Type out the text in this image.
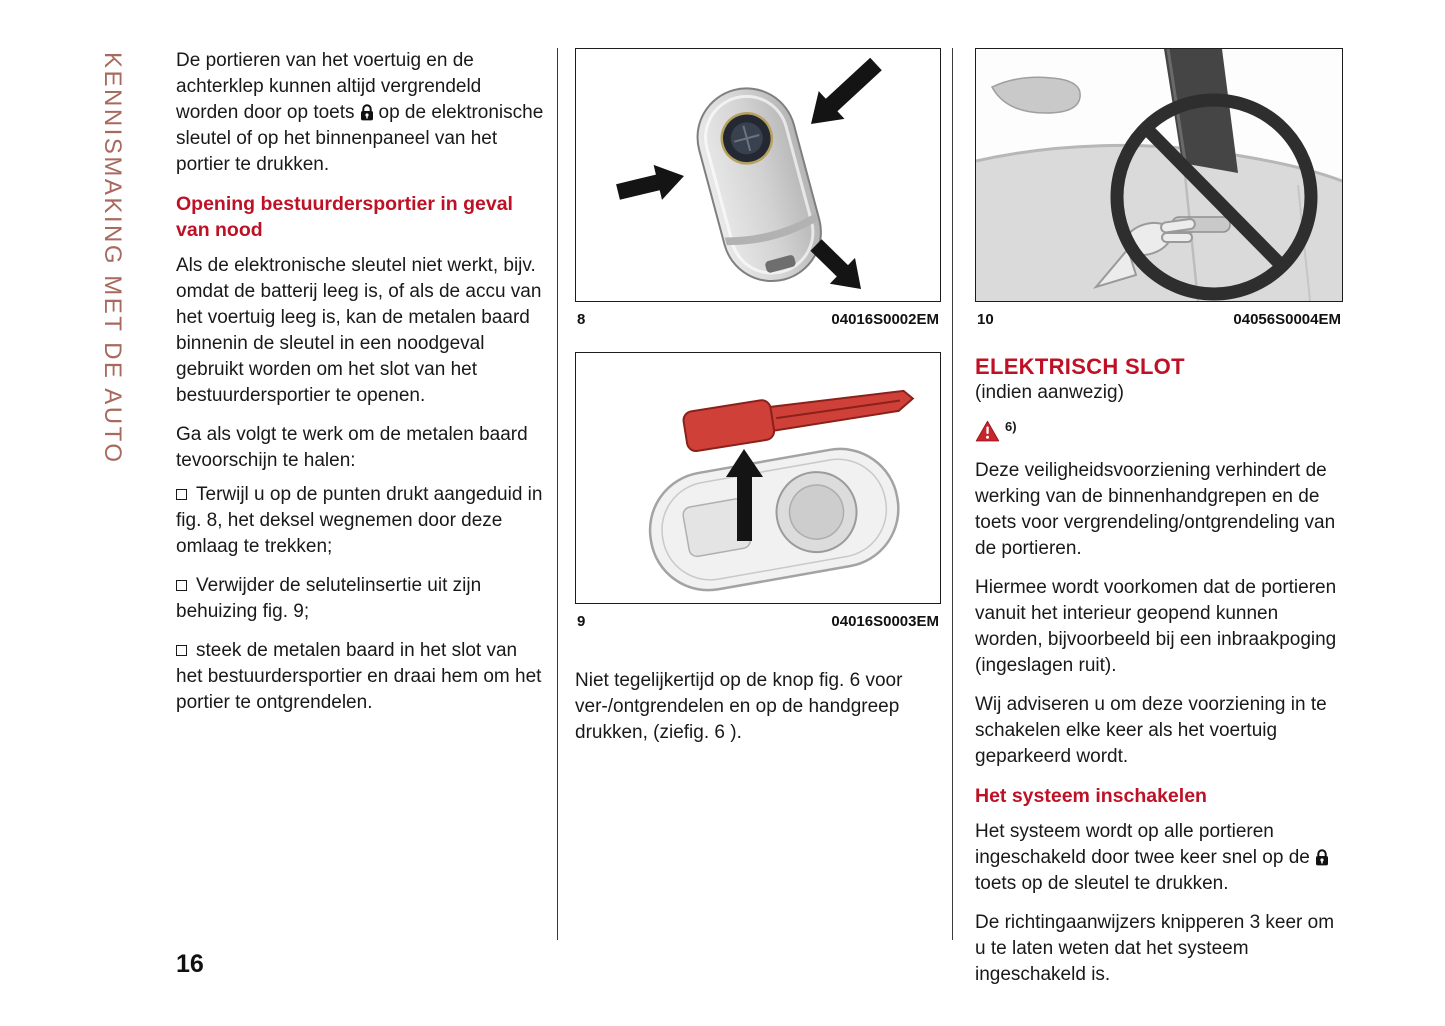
KENNISMAKING MET DE AUTO	De portieren van het voertuig en de achterklep kunnen altijd vergrendeld worden door op toets op de elektronische sleutel of op het binnenpaneel van het portier te drukken.

Opening bestuurdersportier in geval van nood

Als de elektronische sleutel niet werkt, bijv. omdat de batterij leeg is, of als de accu van het voertuig leeg is, kan de metalen baard binnenin de sleutel in een noodgeval gebruikt worden om het slot van het bestuurdersportier te openen.

Ga als volgt te werk om de metalen baard tevoorschijn te halen:

Terwijl u op de punten drukt aangeduid in fig. 8, het deksel wegnemen door deze omlaag te trekken;

Verwijder de selutelinsertie uit zijn behuizing fig. 9;

steek de metalen baard in het slot van het bestuurdersportier en draai hem om het portier te ontgrendelen.

8	04016S0002EM
9	04016S0003EM

Niet tegelijkertijd op de knop fig. 6 voor ver-/ontgrendelen en op de handgreep drukken, (ziefig. 6 ).

10	04056S0004EM
ELEKTRISCH SLOT
(indien aanwezig)
6)

Deze veiligheidsvoorziening verhindert de werking van de binnenhandgrepen en de toets voor vergrendeling/ontgrendeling van de portieren.

Hiermee wordt voorkomen dat de portieren vanuit het interieur geopend kunnen worden, bijvoorbeeld bij een inbraakpoging (ingeslagen ruit).

Wij adviseren u om deze voorziening in te schakelen elke keer als het voertuig geparkeerd wordt.

Het systeem inschakelen

Het systeem wordt op alle portieren ingeschakeld door twee keer snel op detoets op de sleutel te drukken.

De richtingaanwijzers knipperen 3 keer om u te laten weten dat het systeem ingeschakeld is.

16
